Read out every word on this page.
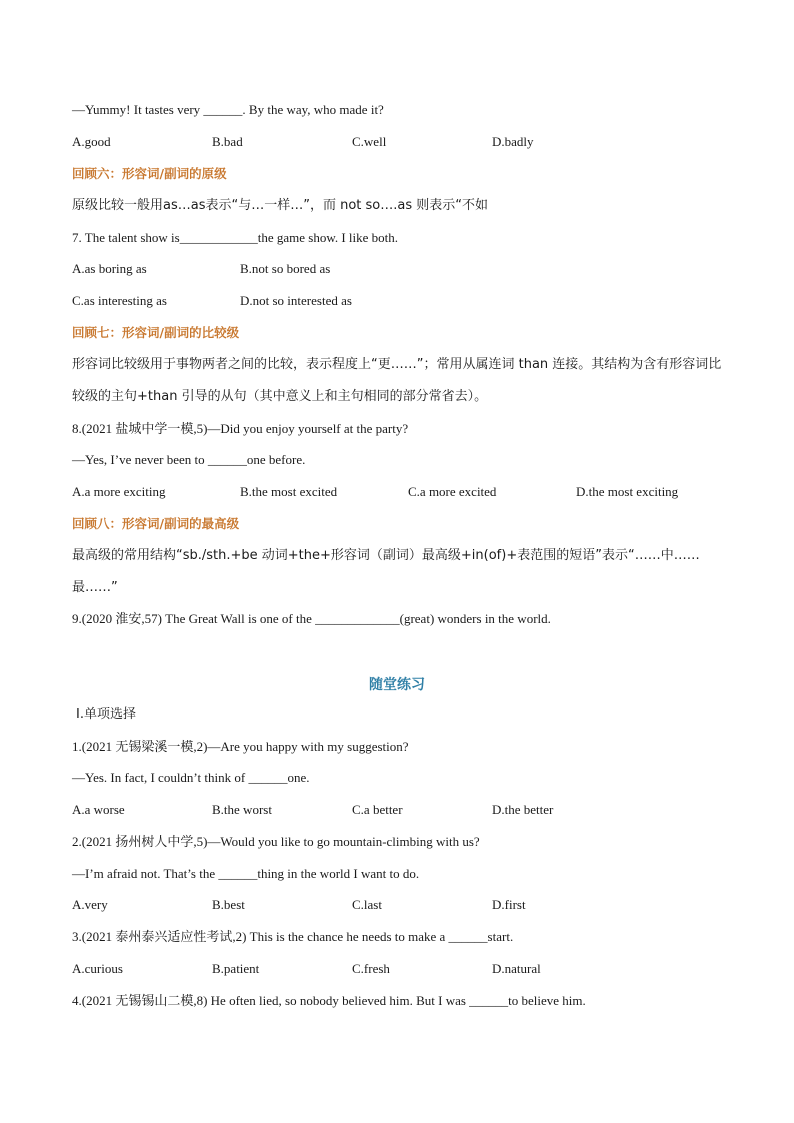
—Yummy! It tastes very ______. By the way, who made it?
A.good	B.bad	C.well	D.badly
回顾六：形容词/副词的原级
原级比较一般用as…as表示“与…一样…”，而 not so….as 则表示“不如
7. The talent show is____________the game show. I like both.
A.as boring as	B.not so bored as
C.as interesting as	D.not so interested as
回顾七：形容词/副词的比较级
形容词比较级用于事物两者之间的比较，表示程度上“更……”；常用从属连词 than 连接。其结构为含有形容词比较级的主句+than 引导的从句（其中意义上和主句相同的部分常省去）。
8.(2021 盐城中学一模,5)—Did you enjoy yourself at the party?
—Yes, I’ve never been to ______one before.
A.a more exciting	B.the most excited	C.a more excited	D.the most exciting
回顾八：形容词/副词的最高级
最高级的常用结构“sb./sth.+be 动词+the+形容词（副词）最高级+in(of)+表范围的短语”表示“……中……最……”
9.(2020 淮安,57) The Great Wall is one of the _____________(great) wonders in the world.
随堂练习
Ⅰ.单项选择
1.(2021 无锡梁溪一模,2)—Are you happy with my suggestion?
—Yes. In fact, I couldn’t think of ______one.
A.a worse	B.the worst	C.a better	D.the better
2.(2021 扬州树人中学,5)—Would you like to go mountain-climbing with us?
—I’m afraid not. That’s the ______thing in the world I want to do.
A.very	B.best	C.last	D.first
3.(2021 泰州泰兴适应性考试,2) This is the chance he needs to make a ______start.
A.curious	B.patient	C.fresh	D.natural
4.(2021 无锡锡山二模,8) He often lied, so nobody believed him. But I was ______to believe him.
